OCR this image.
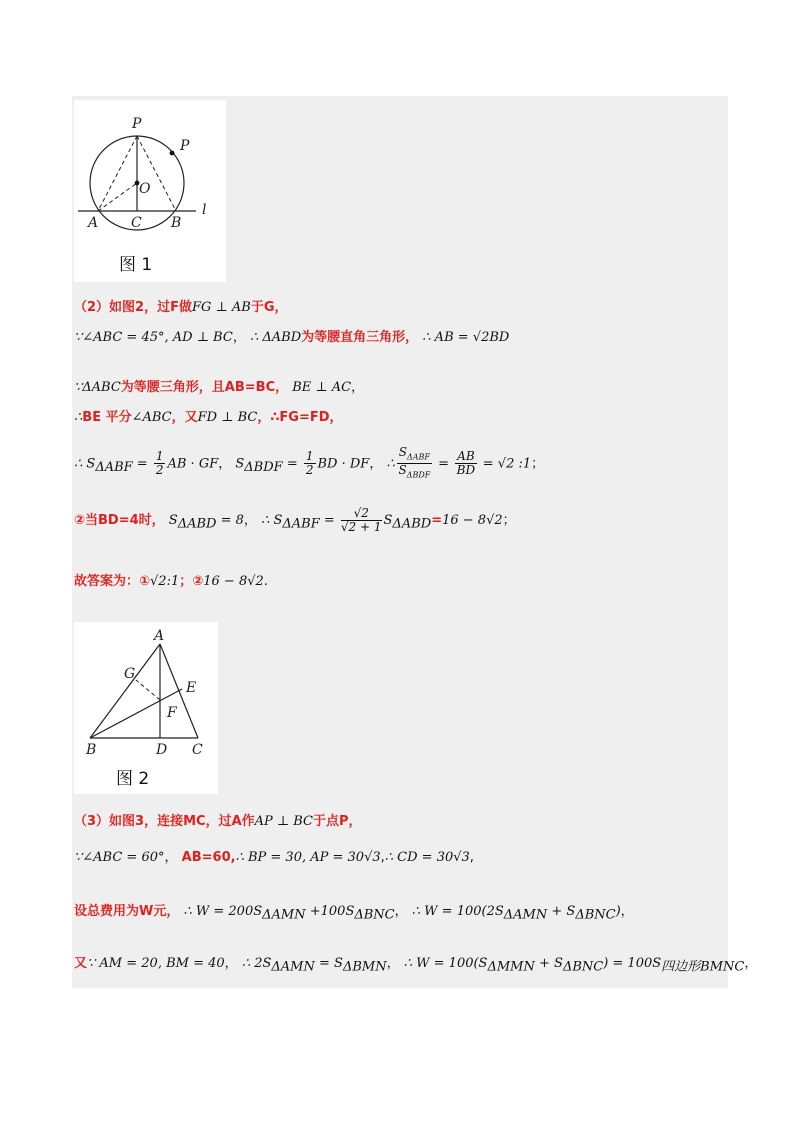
P
P
O
A C B
l
图 1
（2）如图2，过F做FG ⊥ AB于G，
∵∠ABC = 45°, AD ⊥ BC， ∴ ΔABD为等腰直角三角形， ∴ AB = √2BD
∵ΔABC为等腰三角形，且AB=BC， BE ⊥ AC，
∴BE 平分∠ABC，又FD ⊥ BC，∴FG=FD，
∴ $S_{\Delta ABF} = \frac{1}{2}$ AB · GF， $S_{\Delta BDF} = \frac{1}{2}$ BD · DF， ∴ $\frac{S_{\Delta ABF}}{S_{\Delta BDF}} = \frac{AB}{BD} = √2$ :1；
②当BD=4时， $S_{\Delta ABD} = 8$， ∴ $S_{\Delta ABF} = \frac{√2}{√2 + 1} S_{\Delta ABD}=16 - 8√2$；
故答案为：①√2:1；②16 − 8√2.
A
G
E
F
B	D C
图 2
（3）如图3，连接MC，过A作AP ⊥ BC于点P，
∵∠ABC = 60°， AB=60,∴ BP = 30, AP = 30√3,∴ CD = 30√3,
设总费用为W元， ∴ $W = 200S_{\Delta AMN} +100S_{\Delta BNC}$， ∴ $W = 100(2S_{\Delta AMN} + S_{\Delta BNC})$，
又∵ AM = 20, BM = 40， ∴ $2S_{\Delta AMN} = S_{\Delta BMN}$， ∴ $W = 100(S_{\Delta MMN} + S_{\Delta BNC}) = 100S_{四边形BMNC}$，
